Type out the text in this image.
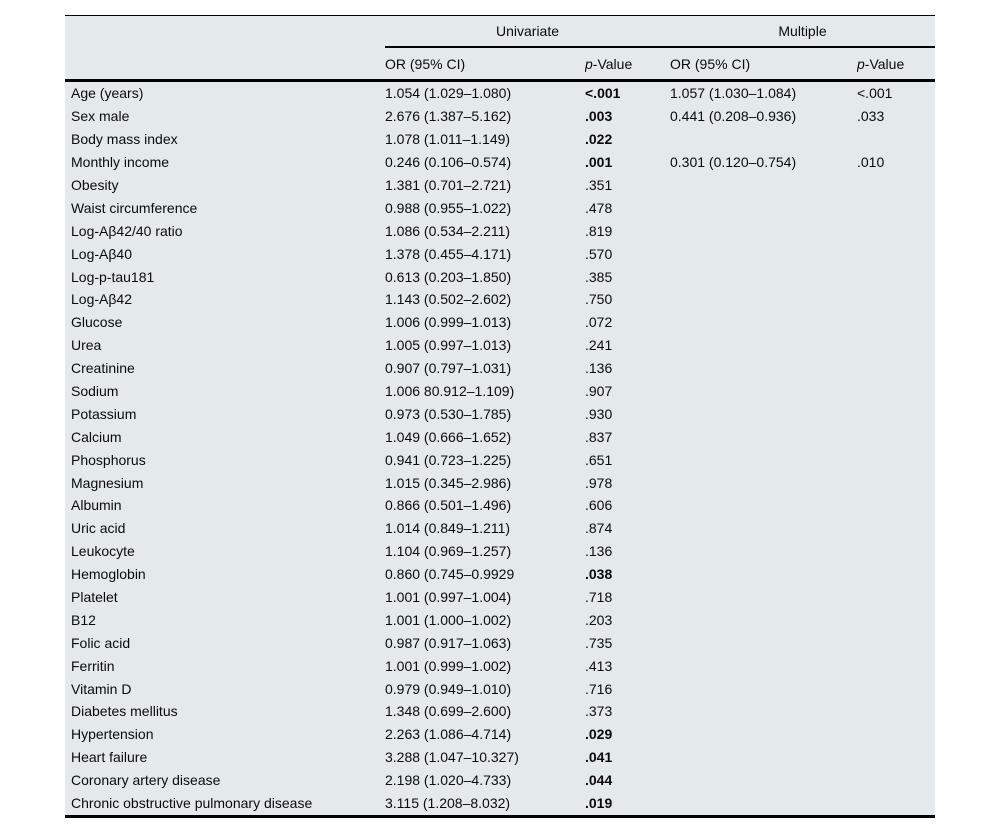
	Univariate		Multiple	
	OR (95% CI)	p-Value	OR (95% CI)	p-Value
Age (years)	1.054 (1.029–1.080)	<.001	1.057 (1.030–1.084)	<.001
Sex male	2.676 (1.387–5.162)	.003	0.441 (0.208–0.936)	.033
Body mass index	1.078 (1.011–1.149)	.022		
Monthly income	0.246 (0.106–0.574)	.001	0.301 (0.120–0.754)	.010
Obesity	1.381 (0.701–2.721)	.351		
Waist circumference	0.988 (0.955–1.022)	.478		
Log-Aβ42/40 ratio	1.086 (0.534–2.211)	.819		
Log-Aβ40	1.378 (0.455–4.171)	.570		
Log-p-tau181	0.613 (0.203–1.850)	.385		
Log-Aβ42	1.143 (0.502–2.602)	.750		
Glucose	1.006 (0.999–1.013)	.072		
Urea	1.005 (0.997–1.013)	.241		
Creatinine	0.907 (0.797–1.031)	.136		
Sodium	1.006 80.912–1.109)	.907		
Potassium	0.973 (0.530–1.785)	.930		
Calcium	1.049 (0.666–1.652)	.837		
Phosphorus	0.941 (0.723–1.225)	.651		
Magnesium	1.015 (0.345–2.986)	.978		
Albumin	0.866 (0.501–1.496)	.606		
Uric acid	1.014 (0.849–1.211)	.874		
Leukocyte	1.104 (0.969–1.257)	.136		
Hemoglobin	0.860 (0.745–0.9929	.038		
Platelet	1.001 (0.997–1.004)	.718		
B12	1.001 (1.000–1.002)	.203		
Folic acid	0.987 (0.917–1.063)	.735		
Ferritin	1.001 (0.999–1.002)	.413		
Vitamin D	0.979 (0.949–1.010)	.716		
Diabetes mellitus	1.348 (0.699–2.600)	.373		
Hypertension	2.263 (1.086–4.714)	.029		
Heart failure	3.288 (1.047–10.327)	.041		
Coronary artery disease	2.198 (1.020–4.733)	.044		
Chronic obstructive pulmonary disease	3.115 (1.208–8.032)	.019		
